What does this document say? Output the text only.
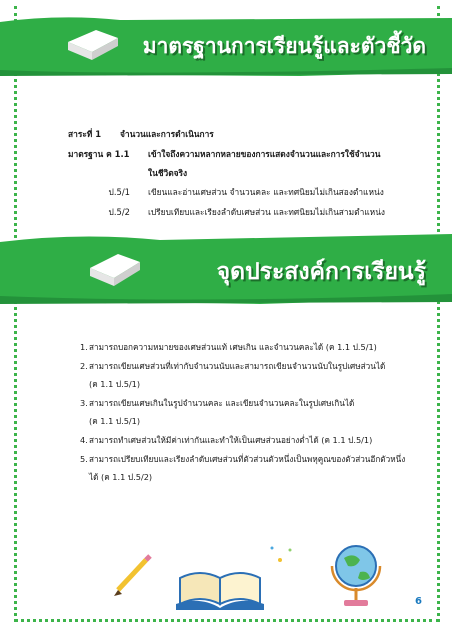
มาตรฐานการเรียนรู้และตัวชี้วัด
สาระที่ 1	จำนวนและการดำเนินการ
มาตรฐาน ค 1.1	เข้าใจถึงความหลากหลายของการแสดงจำนวนและการใช้จำนวน
ในชีวิตจริง
ป.5/1	เขียนและอ่านเศษส่วน จำนวนคละ และทศนิยมไม่เกินสองตำแหน่ง
ป.5/2	เปรียบเทียบและเรียงลำดับเศษส่วน และทศนิยมไม่เกินสามตำแหน่ง
จุดประสงค์การเรียนรู้
1. สามารถบอกความหมายของเศษส่วนแท้ เศษเกิน และจำนวนคละได้ (ค 1.1 ป.5/1)
2. สามารถเขียนเศษส่วนที่เท่ากับจำนวนนับและสามารถเขียนจำนวนนับในรูปเศษส่วนได้
(ค 1.1 ป.5/1)
3. สามารถเขียนเศษเกินในรูปจำนวนคละ และเขียนจำนวนคละในรูปเศษเกินได้
(ค 1.1 ป.5/1)
4. สามารถทำเศษส่วนให้มีค่าเท่ากันและทำให้เป็นเศษส่วนอย่างต่ำได้ (ค 1.1 ป.5/1)
5. สามารถเปรียบเทียบและเรียงลำดับเศษส่วนที่ตัวส่วนตัวหนึ่งเป็นพหุคูณของตัวส่วนอีกตัวหนึ่ง
ได้ (ค 1.1 ป.5/2)
6
